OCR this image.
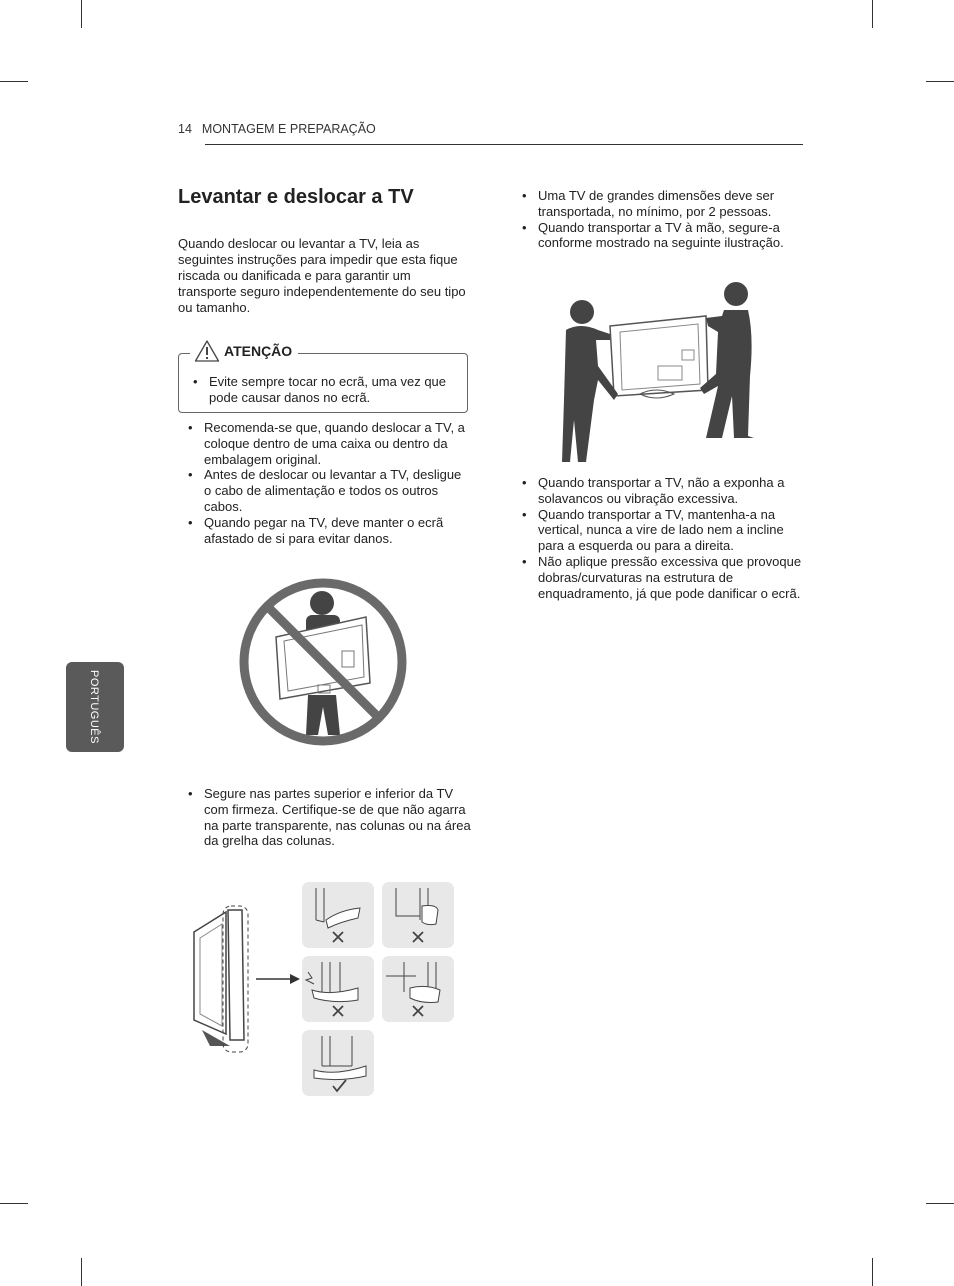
14 MONTAGEM E PREPARAÇÃO
Levantar e deslocar a TV

Quando deslocar ou levantar a TV, leia as seguintes instruções para impedir que esta fique riscada ou danificada e para garantir um transporte seguro independentemente do seu tipo ou tamanho.

• Evite sempre tocar no ecrã, uma vez que pode causar danos no ecrã.
ATENÇÃO
• Recomenda-se que, quando deslocar a TV, a coloque dentro de uma caixa ou dentro da embalagem original.
• Antes de deslocar ou levantar a TV, desligue o cabo de alimentação e todos os outros cabos.
• Quando pegar na TV, deve manter o ecrã afastado de si para evitar danos.
• Segure nas partes superior e inferior da TV com firmeza. Certifique-se de que não agarra na parte transparente, nas colunas ou na área da grelha das colunas.
• Uma TV de grandes dimensões deve ser transportada, no mínimo, por 2 pessoas.
• Quando transportar a TV à mão, segure-a conforme mostrado na seguinte ilustração.
• Quando transportar a TV, não a exponha a solavancos ou vibração excessiva.
• Quando transportar a TV, mantenha-a na vertical, nunca a vire de lado nem a incline para a esquerda ou para a direita.
• Não aplique pressão excessiva que provoque dobras/curvaturas na estrutura de enquadramento, já que pode danificar o ecrã.
PORTUGUÊS
